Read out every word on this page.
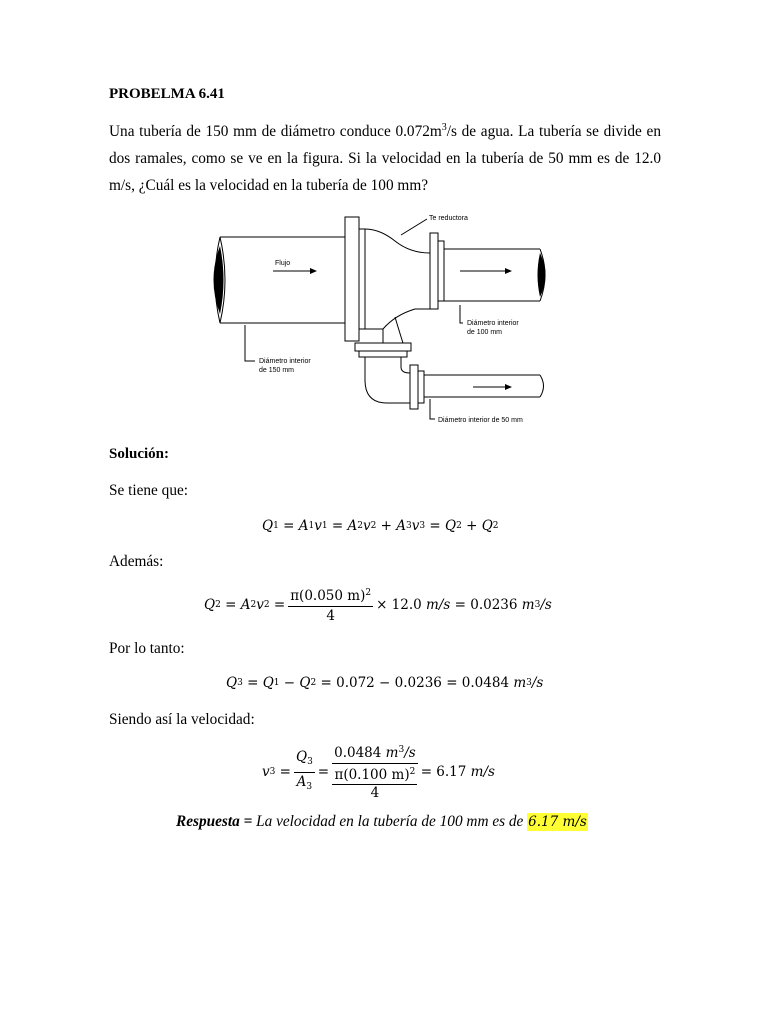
PROBELMA 6.41
Una tubería de 150 mm de diámetro conduce $0.072m^3/s$ de agua. La tubería se divide en dos ramales, como se ve en la figura. Si la velocidad en la tubería de 50 mm es de 12.0 m/s, ¿Cuál es la velocidad en la tubería de 100 mm?
Te reductora
Flujo
Diámetro interior
de 100 mm
Diámetro interior
de 150 mm
Diámetro interior de 50 mm
Solución:
Se tiene que:
Q 1 = A 1 v 1 = A 2 v 2 + A 3 v 3 = Q 2 + Q 2
Además:
Q 2 = A 2 v $2 = \frac{\pi(0.050 m)^2}{4} \times 12.0$
m/s
= 0.0236
m 3 /s
Por lo tanto:
Q 3 = Q 1 − Q 2
= 0.072 − 0.0236 = 0.0484
m 3 /s
Siendo así la velocidad:
v $3 = \frac{Q_3}{A_3} = 0.0484$ $m^3/s$
π(0.100 m)$^2$
4 = 6.17
m/s
Respuesta = La velocidad en la tubería de 100 mm es de 6.17 m/s
